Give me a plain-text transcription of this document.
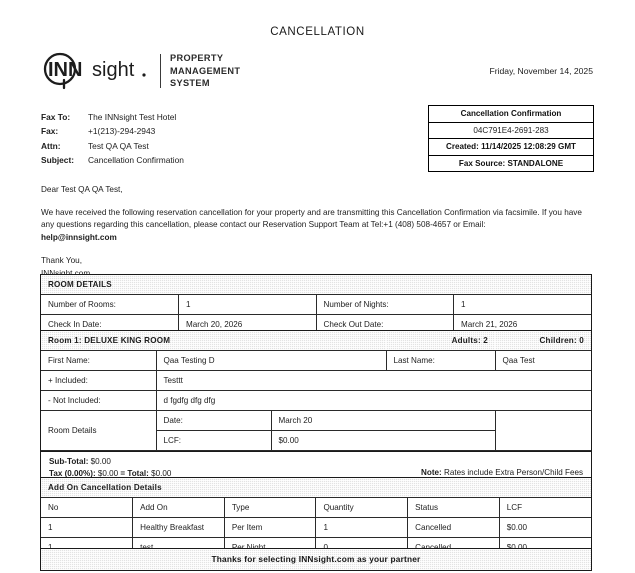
CANCELLATION
INN sight
PROPERTY
MANAGEMENT
SYSTEM
Friday, November 14, 2025
Fax To:	The INNsight Test Hotel
Fax:	+1(213)-294-2943
Attn:	Test QA QA Test
Subject:	Cancellation Confirmation
Cancellation Confirmation
04C791E4-2691-283
Created: 11/14/2025 12:08:29 GMT
Fax Source: STANDALONE

Dear Test QA QA Test,

We have received the following reservation cancellation for your property and are transmitting this Cancellation Confirmation via facsimile. If you have any questions regarding this cancellation, please contact our Reservation Support Team at Tel:+1 (408) 508-4657 or Email:

help@innsight.com

Thank You,

ROOM DETAILS			
Number of Rooms:	1	Number of Nights:	1
Check In Date:	March 20, 2026	Check Out Date:	March 21, 2026
Room 1: DELUXE KING ROOM			Adults: 2	Children: 0
First Name:	Qaa Testing D		Last Name:	Qaa Test
+ Included:	Testtt			
- Not Included:	d fgdfg dfg dfg			
Room Details	Date:	March 20		
	LCF:	$0.00		
Sub-Total: $0.00
Tax (0.00%): $0.00 = Total: $0.00	Note: Rates include Extra Person/Child Fees
Add On Cancellation Details					
No	Add On	Type	Quantity	Status	LCF
1	Healthy Breakfast	Per Item	1	Cancelled	$0.00

Thanks for selecting INNsight.com as your partner
